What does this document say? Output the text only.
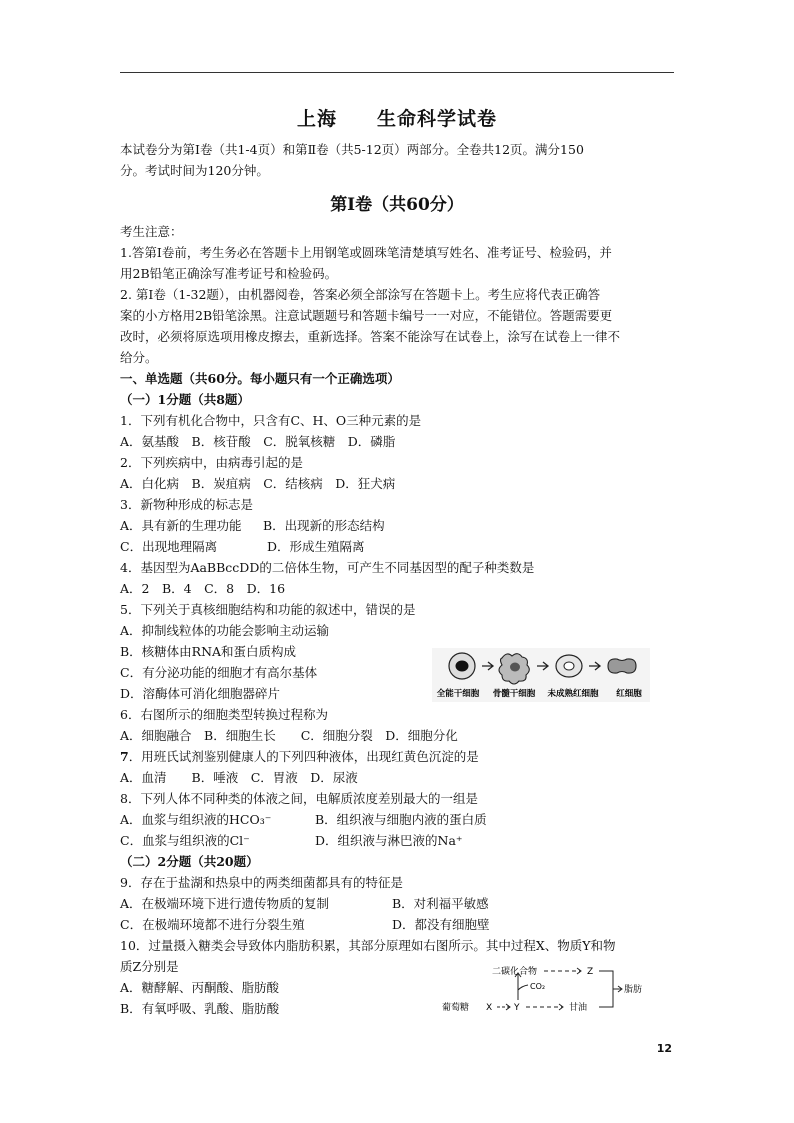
上海 生命科学试卷
本试卷分为第Ⅰ卷（共1-4页）和第Ⅱ卷（共5-12页）两部分。全卷共12页。满分150
分。考试时间为120分钟。
第Ⅰ卷（共60分）
考生注意：
1.答第Ⅰ卷前，考生务必在答题卡上用钢笔或圆珠笔清楚填写姓名、准考证号、检验码，并
用2B铅笔正确涂写准考证号和检验码。
2. 第Ⅰ卷（1-32题），由机器阅卷，答案必须全部涂写在答题卡上。考生应将代表正确答
案的小方格用2B铅笔涂黑。注意试题题号和答题卡编号一一对应，不能错位。答题需要更
改时，必须将原选项用橡皮擦去，重新选择。答案不能涂写在试卷上，涂写在试卷上一律不
给分。
一、单选题（共60分。每小题只有一个正确选项）
（一）1分题（共8题）
1．下列有机化合物中，只含有C、H、O三种元素的是
A．氨基酸　B．核苷酸　C．脱氧核糖　D．磷脂
2．下列疾病中，由病毒引起的是
A．白化病　B．炭疽病　C．结核病　D．狂犬病
3．新物种形成的标志是
A．具有新的生理功能 B．出现新的形态结构
C．出现地理隔离	D．形成生殖隔离
4．基因型为AaBBccDD的二倍体生物，可产生不同基因型的配子种类数是
A．2　B．4　C．8　D．16
5．下列关于真核细胞结构和功能的叙述中，错误的是
A．抑制线粒体的功能会影响主动运输
B．核糖体由RNA和蛋白质构成
C．有分泌功能的细胞才有高尔基体
D．溶酶体可消化细胞器碎片	全能干细胞 骨髓干细胞 未成熟红细胞 红细胞
6．右图所示的细胞类型转换过程称为
A．细胞融合　B．细胞生长　　C．细胞分裂　D．细胞分化
7．用班氏试剂鉴别健康人的下列四种液体，出现红黄色沉淀的是
A．血清　　B．唾液　C．胃液　D．尿液
8．下列人体不同种类的体液之间，电解质浓度差别最大的一组是
A．血浆与组织液的HCO₃⁻	B．组织液与细胞内液的蛋白质
C．血浆与组织液的Cl⁻	D．组织液与淋巴液的Na⁺
（二）2分题（共20题）
9．存在于盐湖和热泉中的两类细菌都具有的特征是
A．在极端环境下进行遗传物质的复制	B．对利福平敏感
C．在极端环境都不进行分裂生殖	D．都没有细胞壁
10．过量摄入糖类会导致体内脂肪积累，其部分原理如右图所示。其中过程X、物质Y和物
质Z分别是
A．糖酵解、丙酮酸、脂肪酸
B．有氧呼吸、乳酸、脂肪酸
二碳化合物	Z
脂肪
葡萄糖 X Y
CO₂
甘油
12
